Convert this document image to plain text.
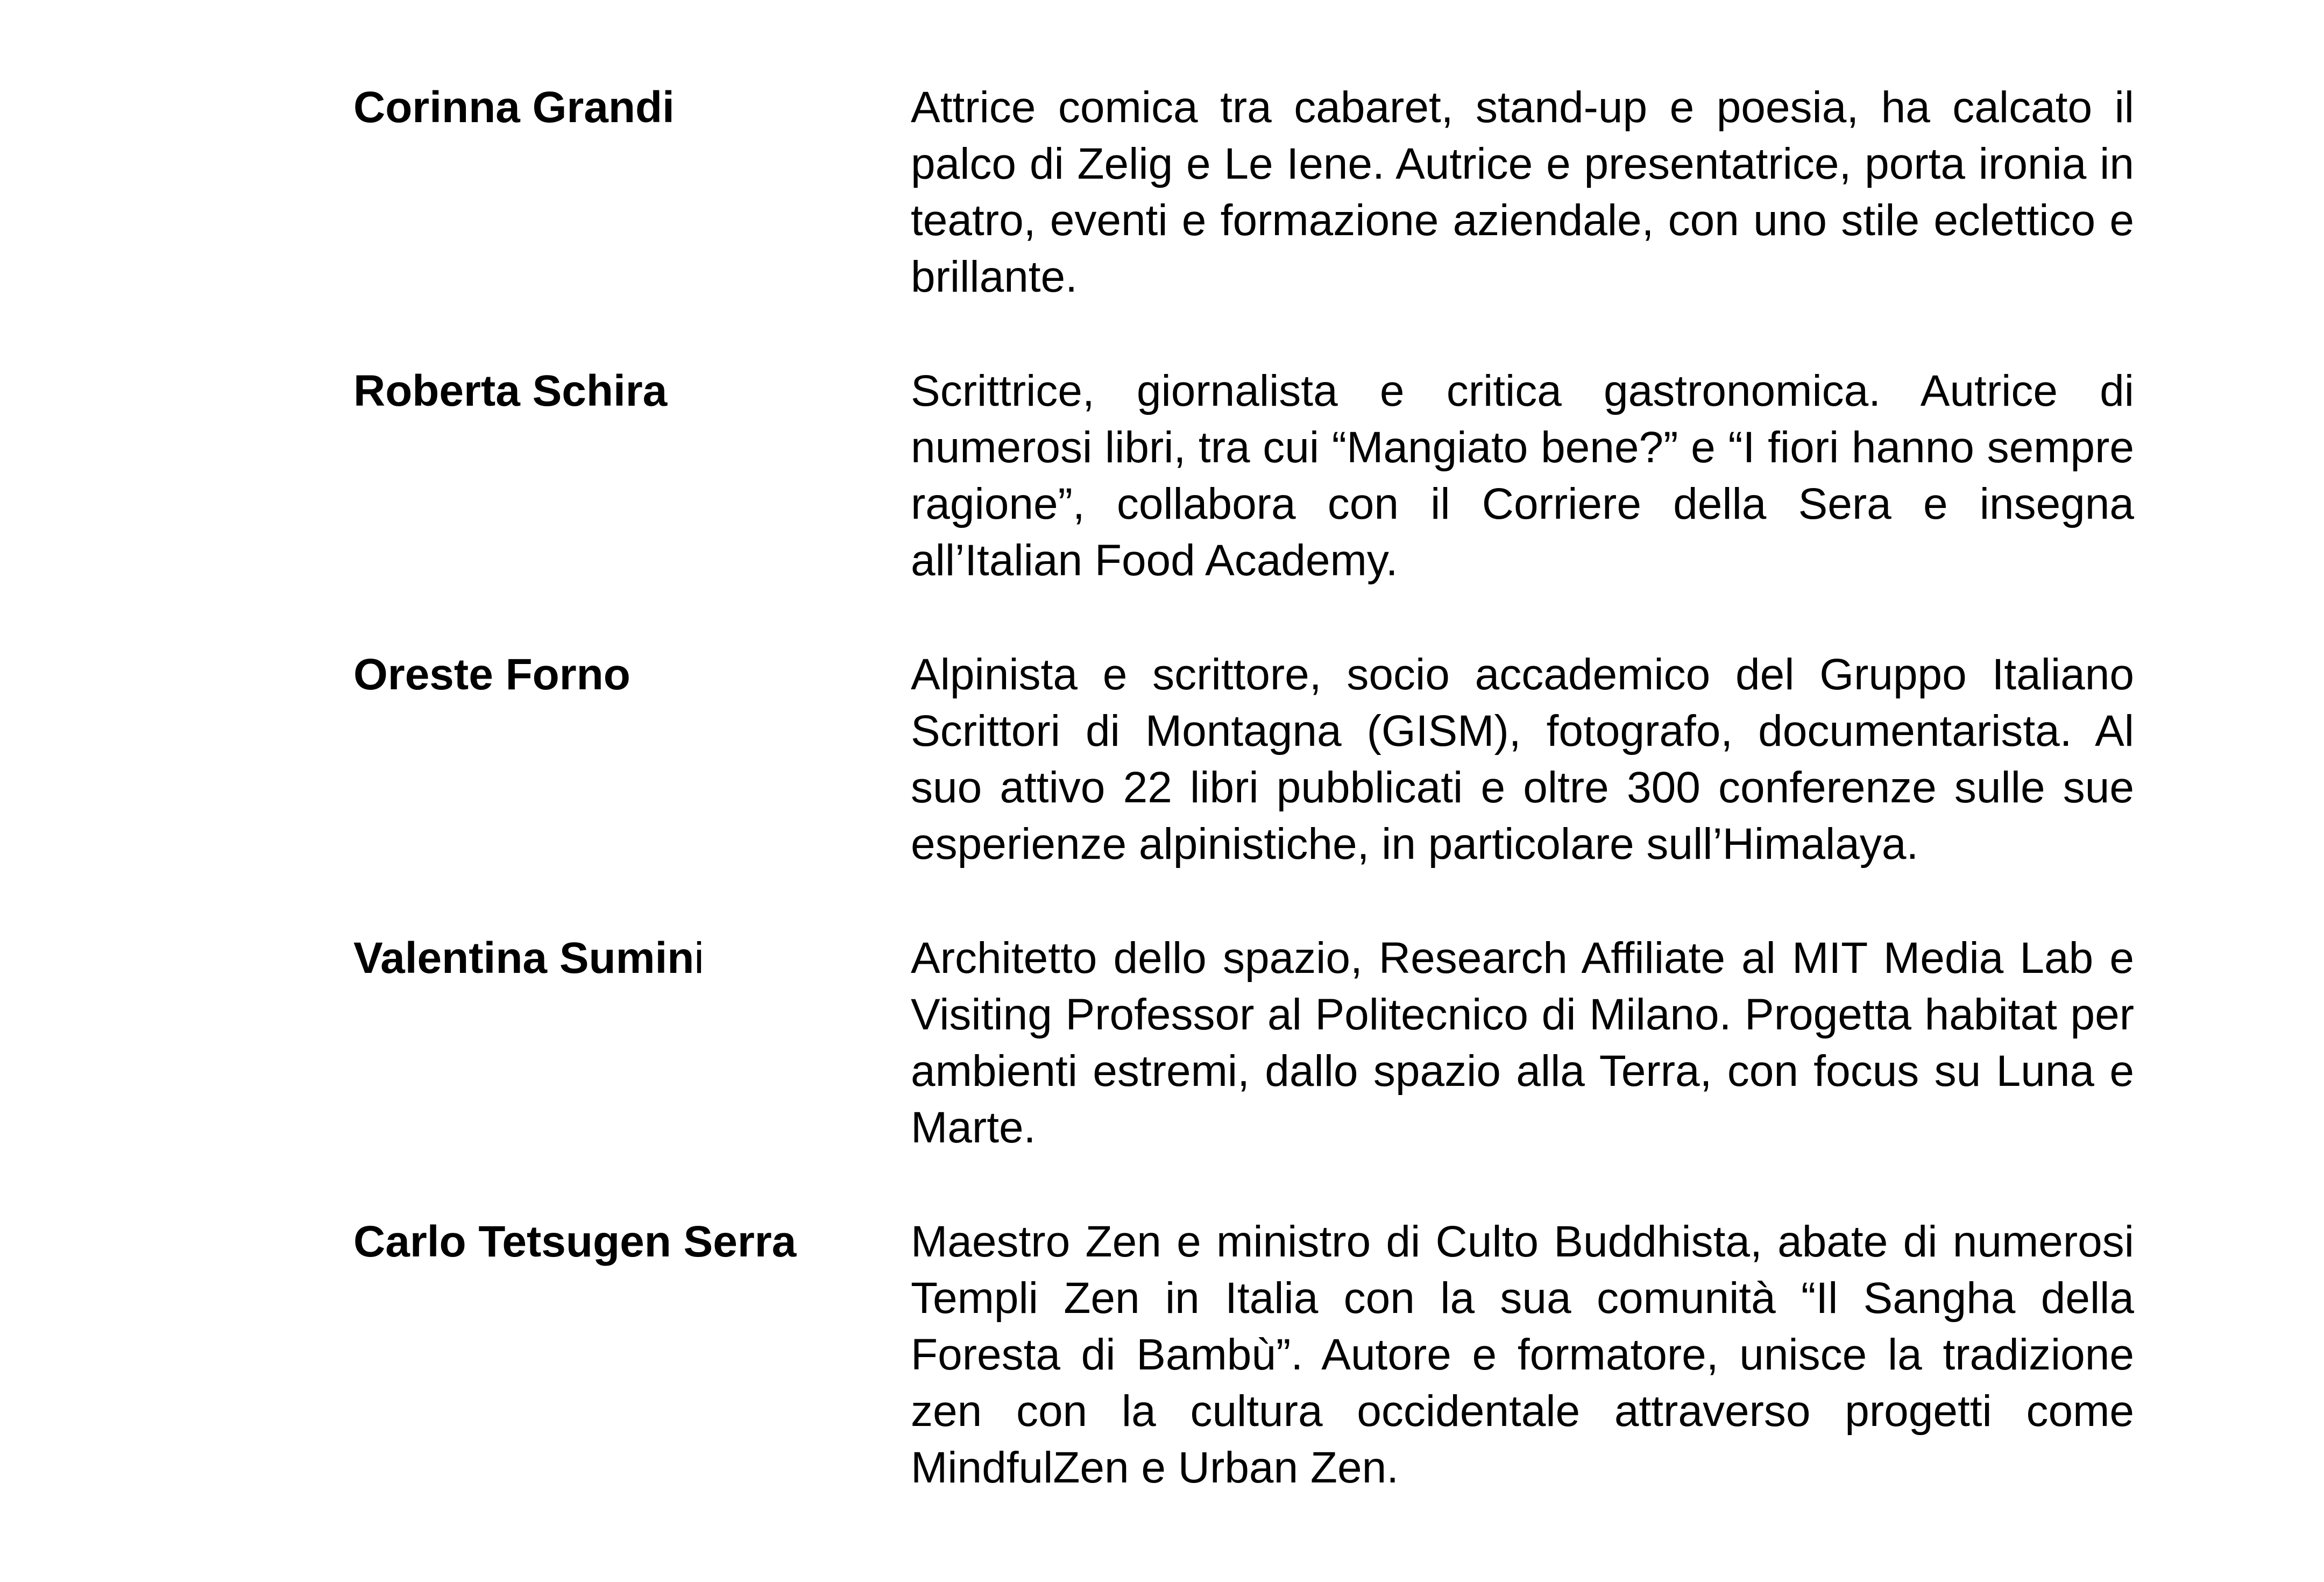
Corinna Grandi	Attrice comica tra cabaret, stand-up e poesia, ha calcato il palco di Zelig e Le Iene. Autrice e presentatrice, porta ironia in teatro, eventi e formazione aziendale, con uno stile eclettico e brillante.
Roberta Schira	Scrittrice, giornalista e critica gastronomica. Autrice di numerosi libri, tra cui “Mangiato bene?” e “I fiori hanno sempre ragione”, collabora con il Corriere della Sera e insegna all’Italian Food Academy.
Oreste Forno	Alpinista e scrittore, socio accademico del Gruppo Italiano Scrittori di Montagna (GISM), fotografo, documentarista. Al suo attivo 22 libri pubblicati e oltre 300 conferenze sulle sue esperienze alpinistiche, in particolare sull’Himalaya.
Valentina Sumini	Architetto dello spazio, Research Affiliate al MIT Media Lab e Visiting Professor al Politecnico di Milano. Progetta habitat per ambienti estremi, dallo spazio alla Terra, con focus su Luna e Marte.
Carlo Tetsugen Serra	Maestro Zen e ministro di Culto Buddhista, abate di numerosi Templi Zen in Italia con la sua comunità “Il Sangha della Foresta di Bambù”. Autore e formatore, unisce la tradizione zen con la cultura occidentale attraverso progetti come MindfulZen e Urban Zen.
